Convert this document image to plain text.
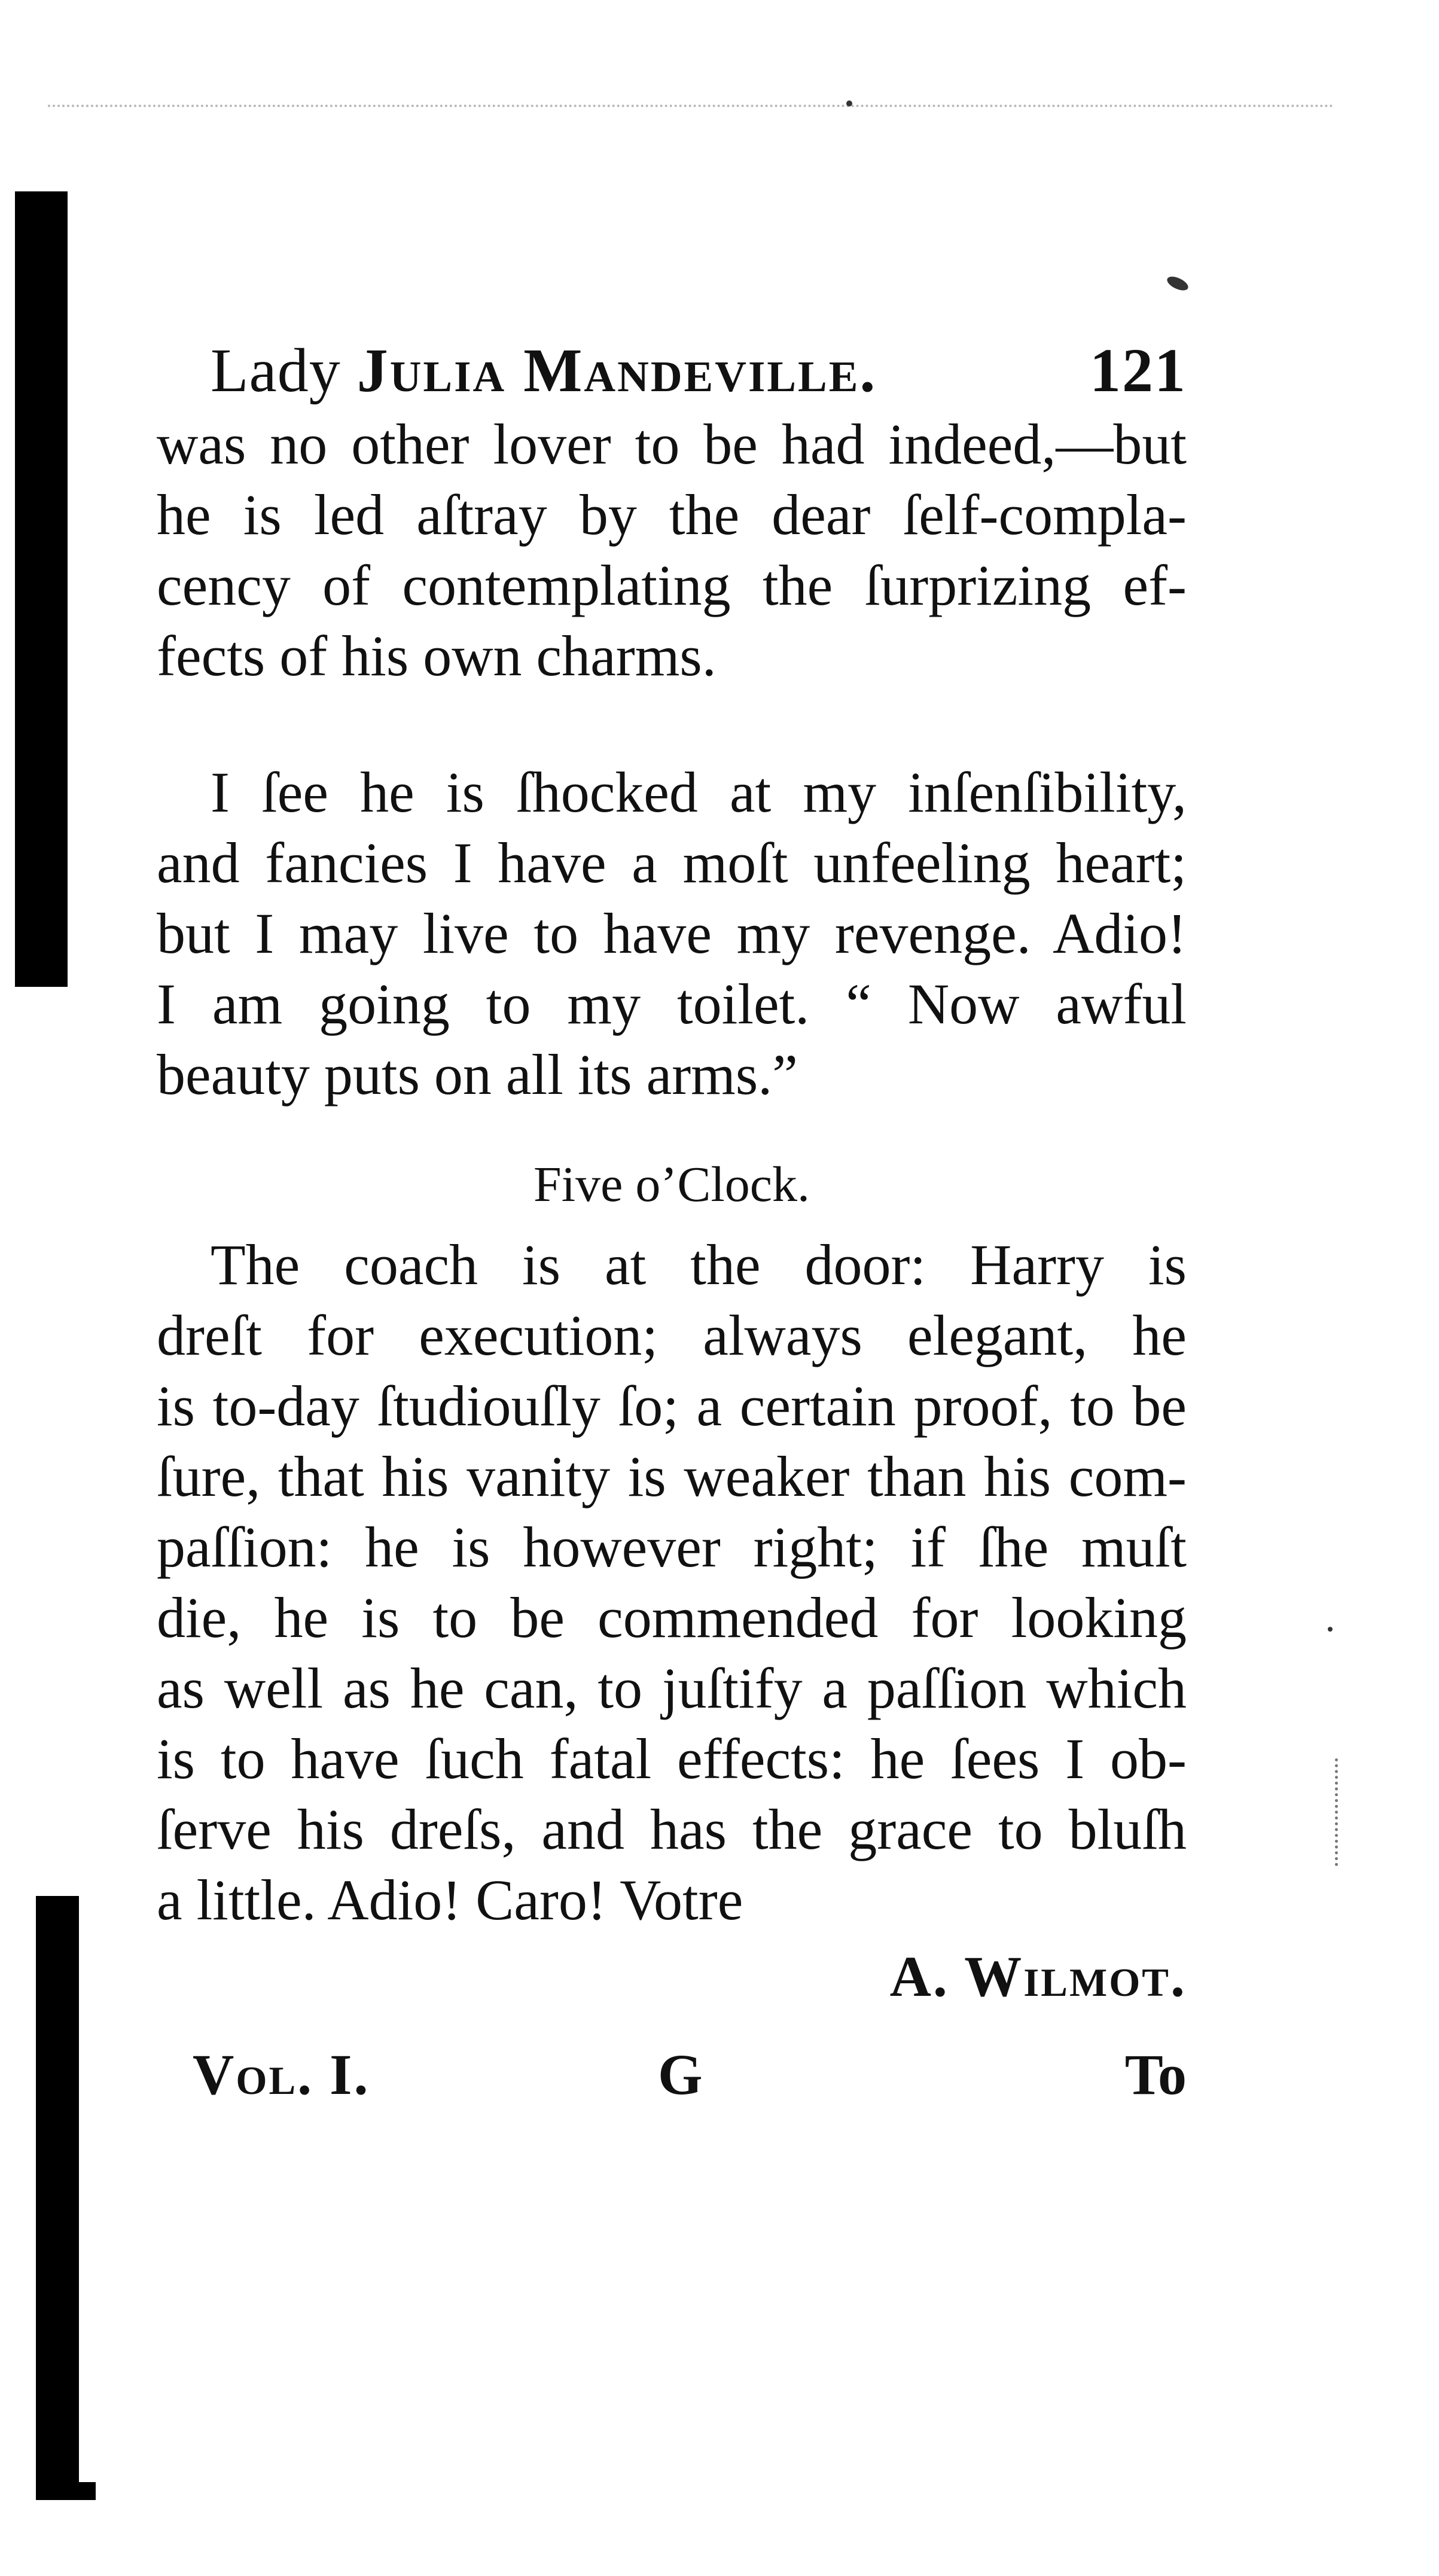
Lady Julia Mandeville.	121

was no other lover to be had indeed,—but
he is led aſtray by the dear ſelf-compla-
cency of contemplating the ſurprizing ef-
fects of his own charms.

I ſee he is ſhocked at my inſenſibility,
and fancies I have a moſt unfeeling heart;
but I may live to have my revenge. Adio!
I am going to my toilet. “ Now awful
beauty puts on all its arms.”

Five o’Clock.

The coach is at the door: Harry is
dreſt for execution; always elegant, he
is to-day ſtudiouſly ſo; a certain proof, to be
ſure, that his vanity is weaker than his com-
paſſion: he is however right; if ſhe muſt
die, he is to be commended for looking
as well as he can, to juſtify a paſſion which
is to have ſuch fatal effects: he ſees I ob-
ſerve his dreſs, and has the grace to bluſh
a little. Adio! Caro! Votre

A. Wilmot.
Vol. I.	G	To
